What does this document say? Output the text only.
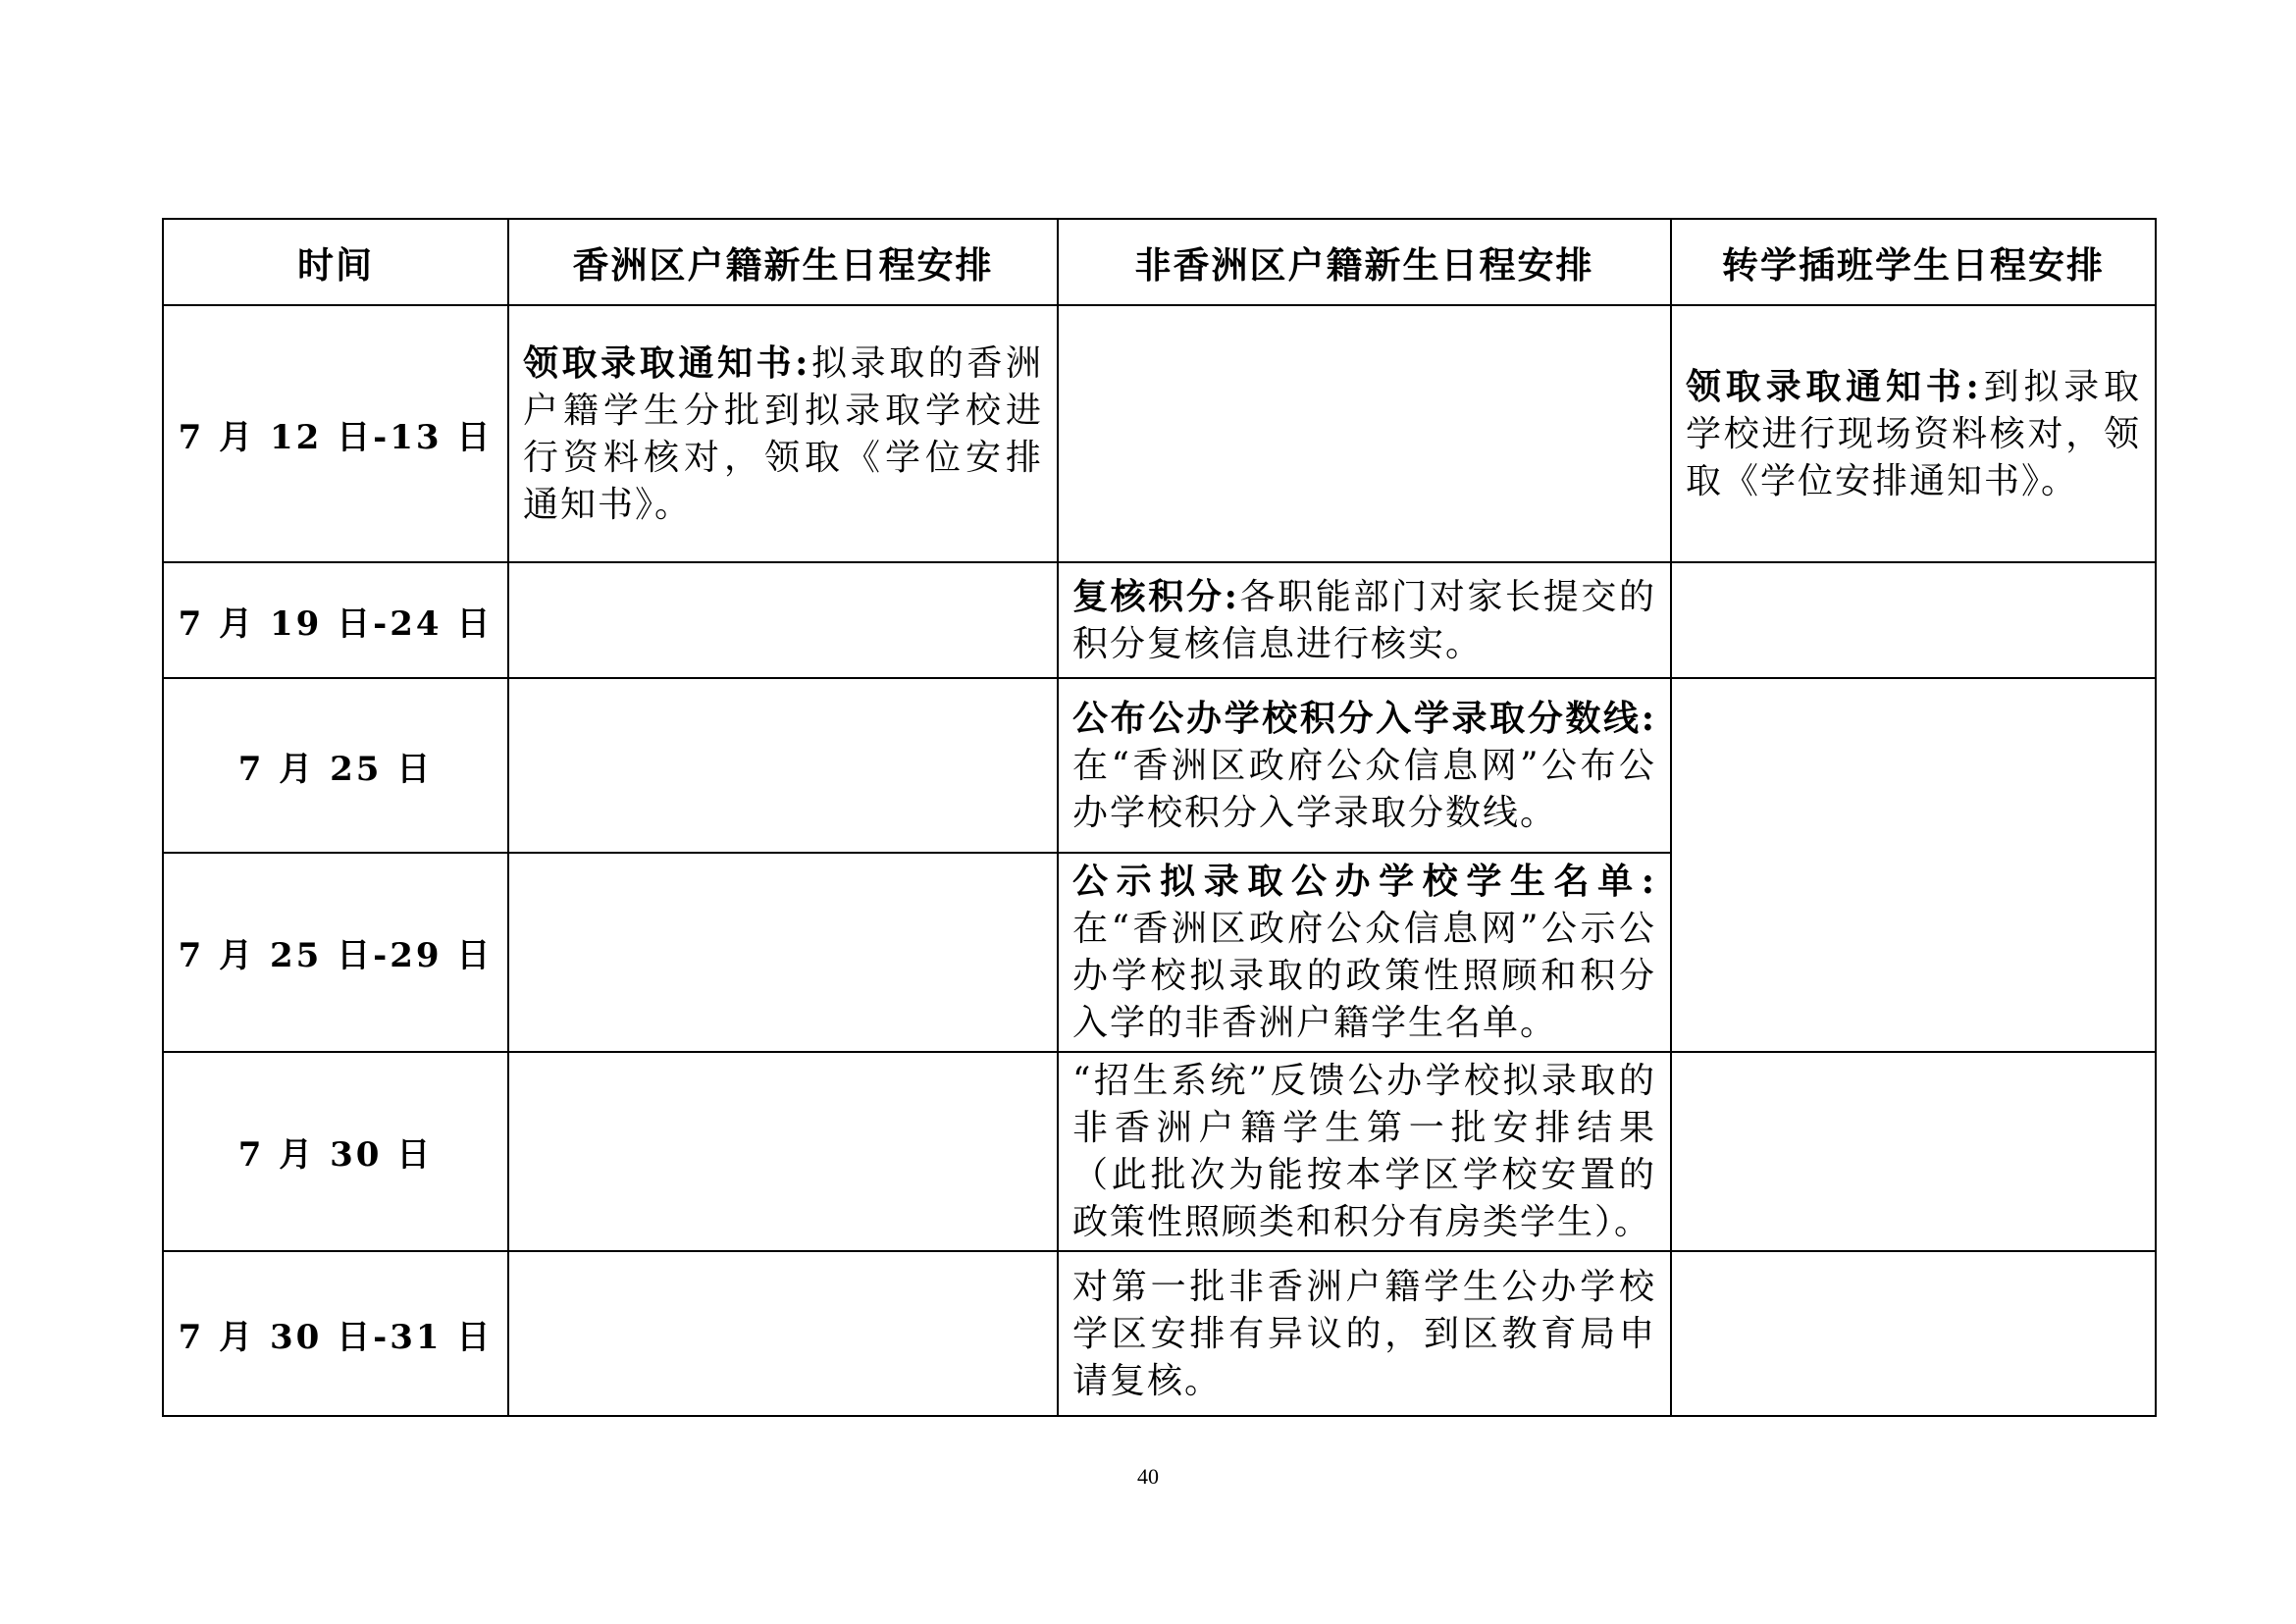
时间	香洲区户籍新生日程安排	非香洲区户籍新生日程安排	转学插班学生日程安排
7 月 12 日-13 日	领取录取通知书:拟录取的香洲户籍学生分批到拟录取学校进行资料核对，领取《学位安排通知书》。		领取录取通知书:到拟录取学校进行现场资料核对，领取《学位安排通知书》。
7 月 19 日-24 日		复核积分:各职能部门对家长提交的积分复核信息进行核实。	
7 月 25 日		公布公办学校积分入学录取分数线:在“香洲区政府公众信息网”公布公办学校积分入学录取分数线。	
7 月 25 日-29 日		公示拟录取公办学校学生名单:在“香洲区政府公众信息网”公示公办学校拟录取的政策性照顾和积分入学的非香洲户籍学生名单。	
7 月 30 日		“招生系统”反馈公办学校拟录取的非香洲户籍学生第一批安排结果（此批次为能按本学区学校安置的政策性照顾类和积分有房类学生）。	
7 月 30 日-31 日		对第一批非香洲户籍学生公办学校学区安排有异议的，到区教育局申请复核。	
40
